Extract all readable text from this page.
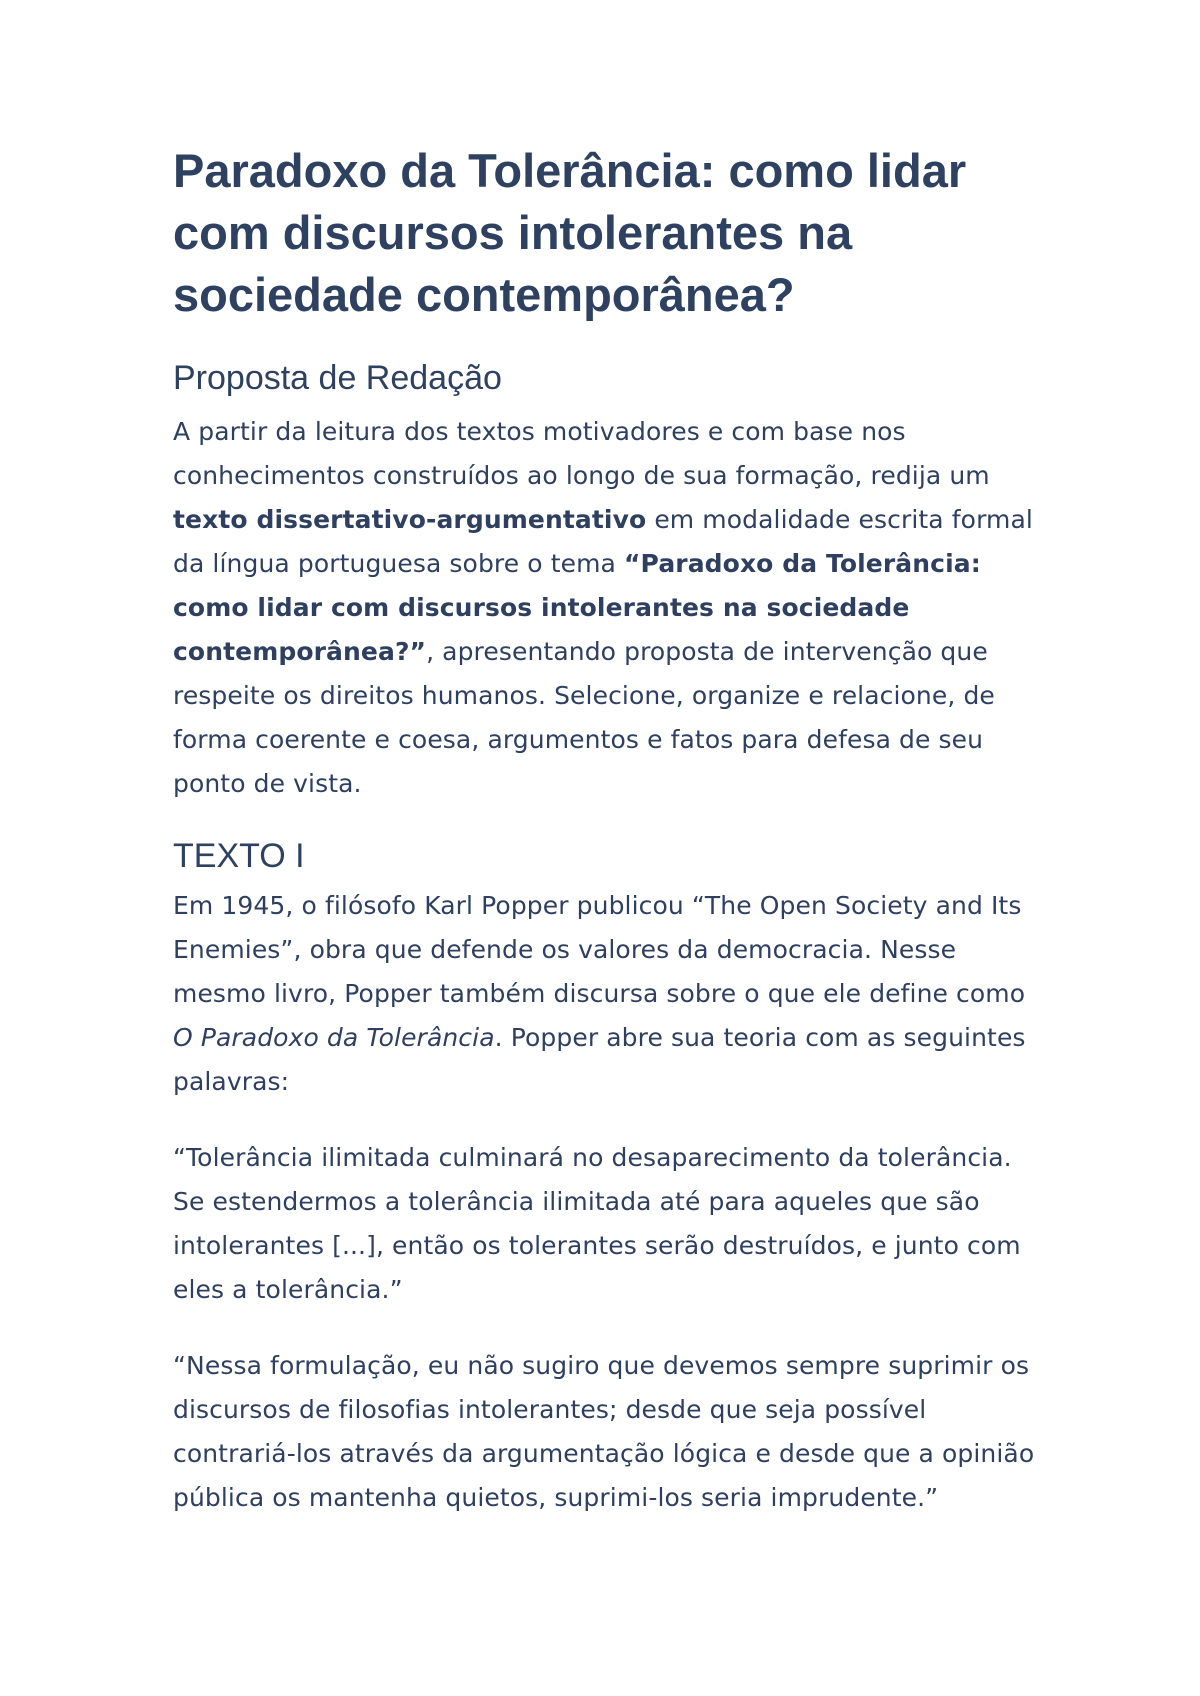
Paradoxo da Tolerância: como lidar com discursos intolerantes na sociedade contemporânea?
Proposta de Redação

A partir da leitura dos textos motivadores e com base nos conhecimentos construídos ao longo de sua formação, redija um texto dissertativo-argumentativo em modalidade escrita formal da língua portuguesa sobre o tema “Paradoxo da Tolerância: como lidar com discursos intolerantes na sociedade contemporânea?”, apresentando proposta de intervenção que respeite os direitos humanos. Selecione, organize e relacione, de forma coerente e coesa, argumentos e fatos para defesa de seu ponto de vista.

TEXTO I

Em 1945, o filósofo Karl Popper publicou “The Open Society and Its Enemies”, obra que defende os valores da democracia. Nesse mesmo livro, Popper também discursa sobre o que ele define como O Paradoxo da Tolerância. Popper abre sua teoria com as seguintes palavras:

“Tolerância ilimitada culminará no desaparecimento da tolerância. Se estendermos a tolerância ilimitada até para aqueles que são intolerantes [...], então os tolerantes serão destruídos, e junto com eles a tolerância.”

“Nessa formulação, eu não sugiro que devemos sempre suprimir os discursos de filosofias intolerantes; desde que seja possível contrariá-los através da argumentação lógica e desde que a opinião pública os mantenha quietos, suprimi-los seria imprudente.”
